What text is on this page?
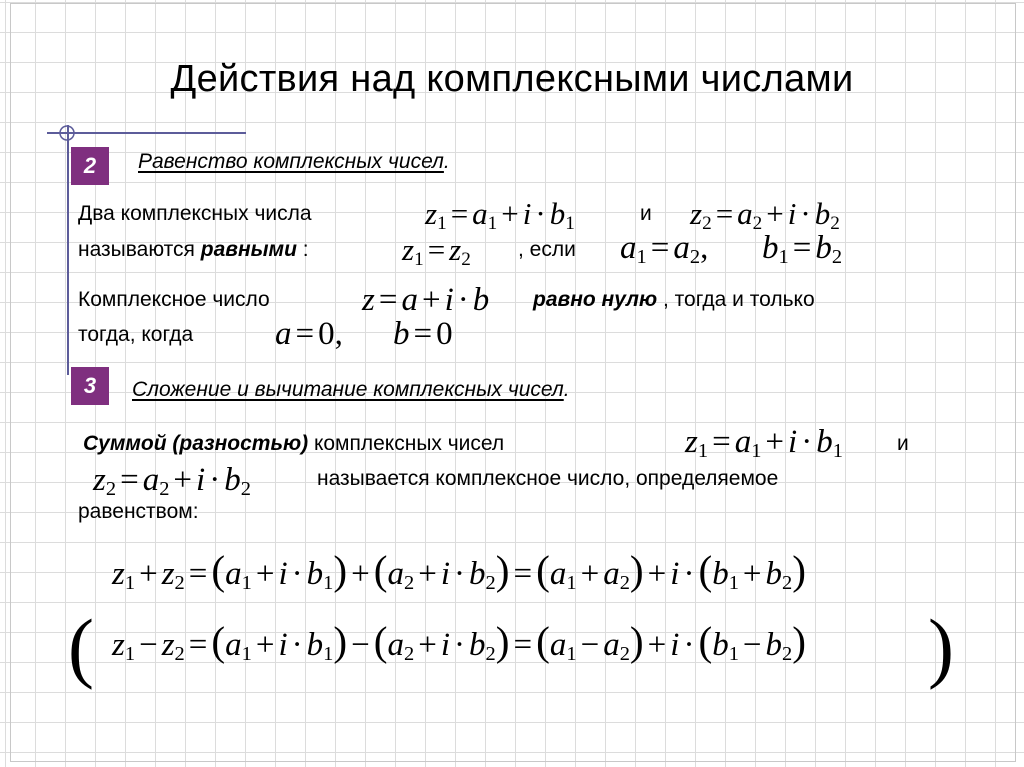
Действия над комплексными числами
2	Равенство комплексных чисел.
Два комплексных числа	$z_1 = a_1 + i \cdot b_1$	и $z_2 = a_2 + i \cdot b_2$
называются равными :	$z_1 = z_2$ , если $a_1 = a_2$, $b_1 = b_2$
Комплексное число	z = a + i · b равно нулю , тогда и только
тогда, когда a = 0, b = 0
3	Сложение и вычитание комплексных чисел.
Суммой (разностью) комплексных чисел	$z_1 = a_1 + i \cdot b_1$	и
$z_2 = a_2 + i \cdot b_2$	называется комплексное число, определяемое
равенством:
$z_1 + z_2 =(a_1 + i \cdot b_1) +(a_2 + i \cdot b_2) =(a_1 + a_2) + i \cdot(b_1 + b_2)$
( $z_1 - z_2 =(a_1 + i \cdot b_1) -(a_2 + i \cdot b_2) =(a_1 - a_2) + i \cdot(b_1 - b_2)$ )
